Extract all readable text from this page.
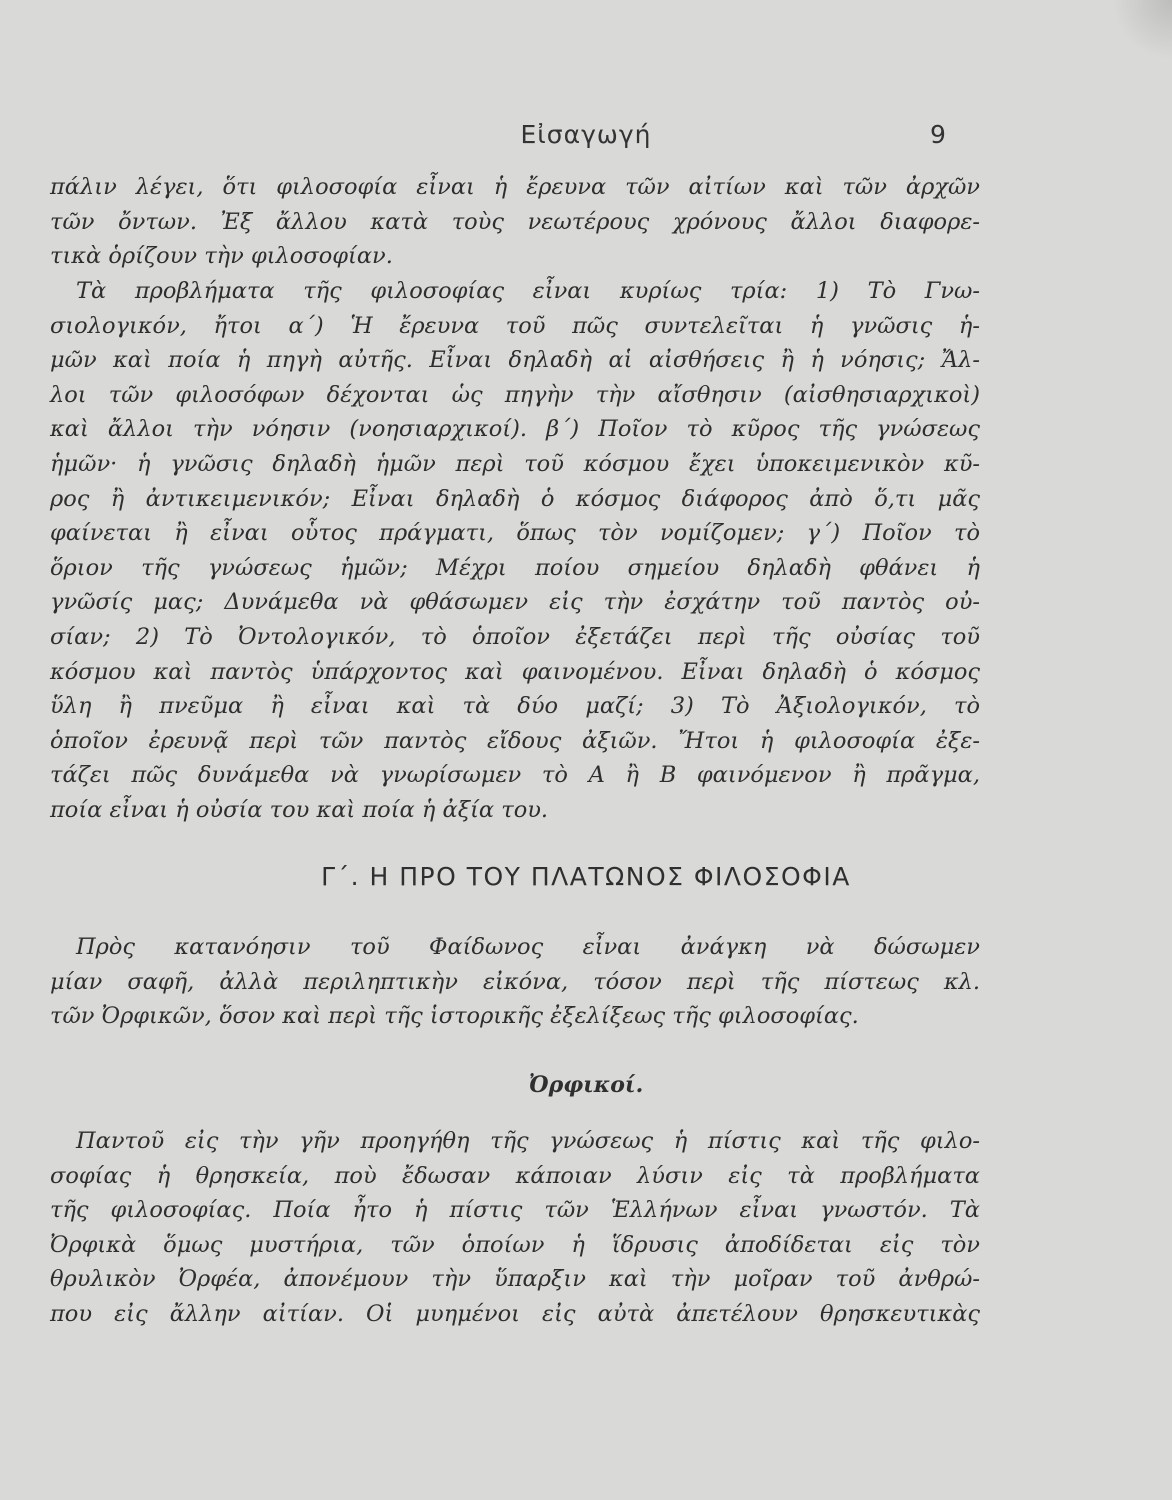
Εἰσαγωγή	9
πάλιν λέγει, ὅτι φιλοσοφία εἶναι ἡ ἔρευνα τῶν αἰτίων καὶ τῶν ἀρχῶν
τῶν ὄντων. Ἐξ ἄλλου κατὰ τοὺς νεωτέρους χρόνους ἄλλοι διαφορε-
τικὰ ὁρίζουν τὴν φιλοσοφίαν.
Τὰ προβλήματα τῆς φιλοσοφίας εἶναι κυρίως τρία: 1) Τὸ Γνω-
σιολογικόν, ἤτοι α΄) Ἡ ἔρευνα τοῦ πῶς συντελεῖται ἡ γνῶσις ἡ-
μῶν καὶ ποία ἡ πηγὴ αὐτῆς. Εἶναι δηλαδὴ αἱ αἰσθήσεις ἢ ἡ νόησις; Ἄλ-
λοι τῶν φιλοσόφων δέχονται ὡς πηγὴν τὴν αἴσθησιν (αἰσθησιαρχικοὶ)
καὶ ἄλλοι τὴν νόησιν (νοησιαρχικοί). β΄) Ποῖον τὸ κῦρος τῆς γνώσεως
ἡμῶν· ἡ γνῶσις δηλαδὴ ἡμῶν περὶ τοῦ κόσμου ἔχει ὑποκειμενικὸν κῦ-
ρος ἢ ἀντικειμενικόν; Εἶναι δηλαδὴ ὁ κόσμος διάφορος ἀπὸ ὅ,τι μᾶς
φαίνεται ἢ εἶναι οὗτος πράγματι, ὅπως τὸν νομίζομεν; γ΄) Ποῖον τὸ
ὅριον τῆς γνώσεως ἡμῶν; Μέχρι ποίου σημείου δηλαδὴ φθάνει ἡ
γνῶσίς μας; Δυνάμεθα νὰ φθάσωμεν εἰς τὴν ἐσχάτην τοῦ παντὸς οὐ-
σίαν; 2) Τὸ Ὀντολογικόν, τὸ ὁποῖον ἐξετάζει περὶ τῆς οὐσίας τοῦ
κόσμου καὶ παντὸς ὑπάρχοντος καὶ φαινομένου. Εἶναι δηλαδὴ ὁ κόσμος
ὕλη ἢ πνεῦμα ἢ εἶναι καὶ τὰ δύο μαζί; 3) Τὸ Ἀξιολογικόν, τὸ
ὁποῖον ἐρευνᾷ περὶ τῶν παντὸς εἴδους ἀξιῶν. Ἤτοι ἡ φιλοσοφία ἐξε-
τάζει πῶς δυνάμεθα νὰ γνωρίσωμεν τὸ Α ἢ Β φαινόμενον ἢ πρᾶγμα,
ποία εἶναι ἡ οὐσία του καὶ ποία ἡ ἀξία του.
Γ΄. Η ΠΡΟ ΤΟΥ ΠΛΑΤΩΝΟΣ ΦΙΛΟΣΟΦΙΑ
Πρὸς κατανόησιν τοῦ Φαίδωνος εἶναι ἀνάγκη νὰ δώσωμεν
μίαν σαφῆ, ἀλλὰ περιληπτικὴν εἰκόνα, τόσον περὶ τῆς πίστεως κλ.
τῶν Ὀρφικῶν, ὅσον καὶ περὶ τῆς ἱστορικῆς ἐξελίξεως τῆς φιλοσοφίας.
Ὀρφικοί.
Παντοῦ εἰς τὴν γῆν προηγήθη τῆς γνώσεως ἡ πίστις καὶ τῆς φιλο-
σοφίας ἡ θρησκεία, ποὺ ἔδωσαν κάποιαν λύσιν εἰς τὰ προβλήματα
τῆς φιλοσοφίας. Ποία ἦτο ἡ πίστις τῶν Ἑλλήνων εἶναι γνωστόν. Τὰ
Ὀρφικὰ ὅμως μυστήρια, τῶν ὁποίων ἡ ἵδρυσις ἀποδίδεται εἰς τὸν
θρυλικὸν Ὀρφέα, ἀπονέμουν τὴν ὕπαρξιν καὶ τὴν μοῖραν τοῦ ἀνθρώ-
που εἰς ἄλλην αἰτίαν. Οἱ μυημένοι εἰς αὐτὰ ἀπετέλουν θρησκευτικὰς
